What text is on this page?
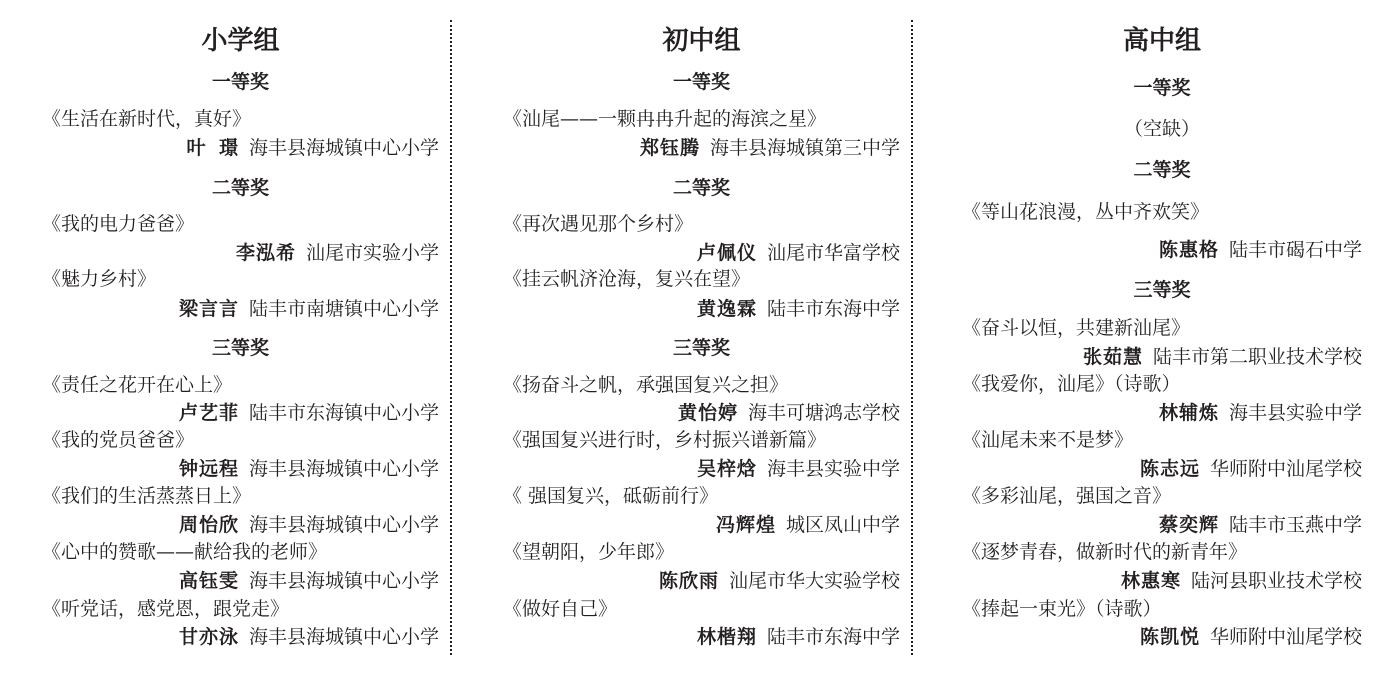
小学组
一等奖
《生活在新时代，真好》
叶 璟 海丰县海城镇中心小学
二等奖
《我的电力爸爸》
李泓希 汕尾市实验小学
《魅力乡村》
梁言言 陆丰市南塘镇中心小学
三等奖
《责任之花开在心上》
卢艺菲 陆丰市东海镇中心小学
《我的党员爸爸》
钟远程 海丰县海城镇中心小学
《我们的生活蒸蒸日上》
周怡欣 海丰县海城镇中心小学
《心中的赞歌——献给我的老师》
高钰雯 海丰县海城镇中心小学
《听党话，感党恩，跟党走》
甘亦泳 海丰县海城镇中心小学
初中组
一等奖
《汕尾——一颗冉冉升起的海滨之星》
郑钰腾 海丰县海城镇第三中学
二等奖
《再次遇见那个乡村》
卢佩仪 汕尾市华富学校
《挂云帆济沧海，复兴在望》
黄逸霖 陆丰市东海中学
三等奖
《扬奋斗之帆，承强国复兴之担》
黄怡婷 海丰可塘鸿志学校
《强国复兴进行时，乡村振兴谱新篇》
吴梓焓 海丰县实验中学
《 强国复兴，砥砺前行》
冯辉煌 城区凤山中学
《望朝阳，少年郎》
陈欣雨 汕尾市华大实验学校
《做好自己》
林楷翔 陆丰市东海中学
高中组
一等奖
（空缺）
二等奖
《等山花浪漫，丛中齐欢笑》
陈惠格 陆丰市碣石中学
三等奖
《奋斗以恒，共建新汕尾》
张茹慧 陆丰市第二职业技术学校
《我爱你，汕尾》（诗歌）
林辅炼 海丰县实验中学
《汕尾未来不是梦》
陈志远 华师附中汕尾学校
《多彩汕尾，强国之音》
蔡奕辉 陆丰市玉燕中学
《逐梦青春，做新时代的新青年》
林惠寒 陆河县职业技术学校
《捧起一束光》（诗歌）
陈凯悦 华师附中汕尾学校
